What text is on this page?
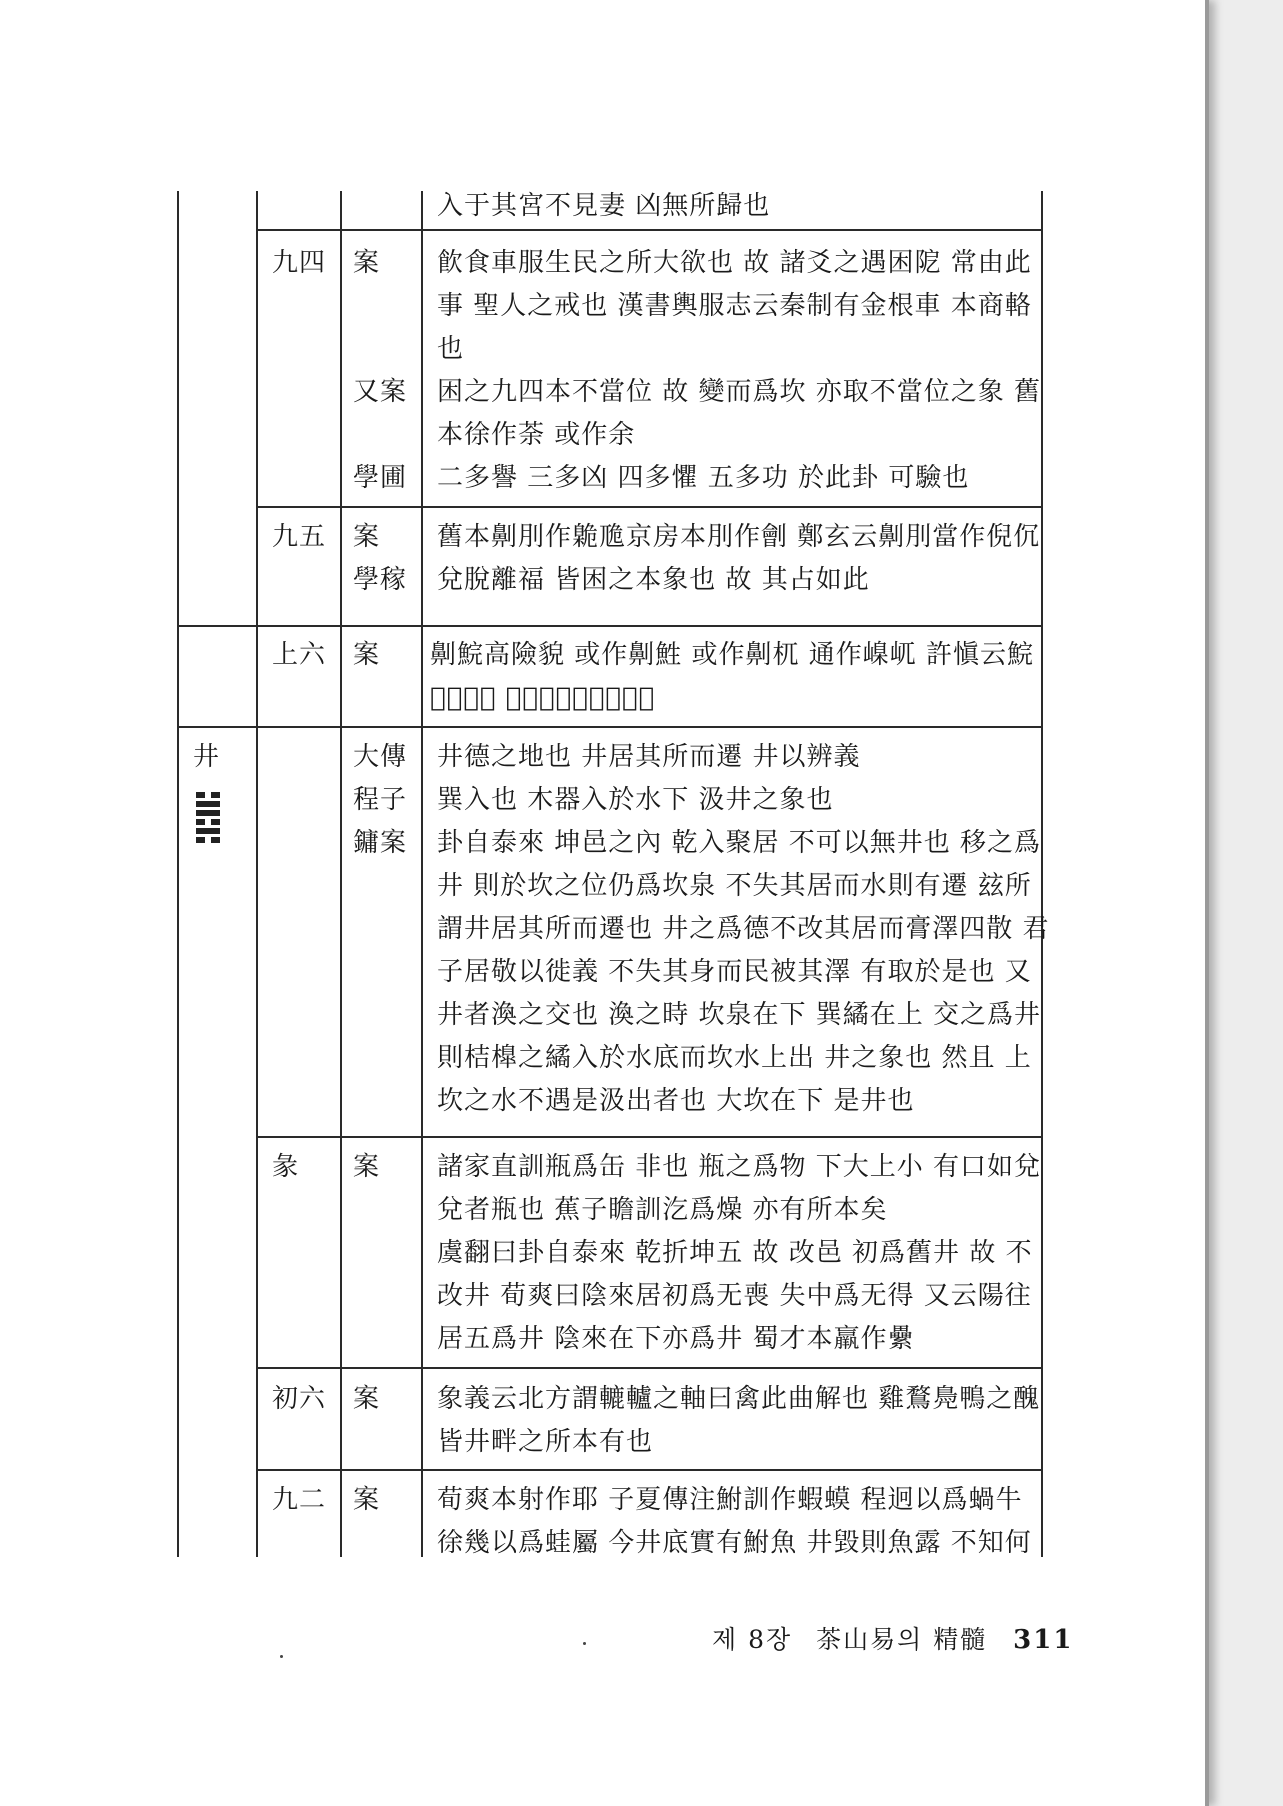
入于其宮不見妻 凶無所歸也
九四 案

又案

學圃
飮食車服生民之所大欲也 故 諸爻之遇困阸 常由此
事 聖人之戒也 漢書輿服志云秦制有金根車 本商輅
也
困之九四本不當位 故 變而爲坎 亦取不當位之象 舊
本徐作荼 或作余
二多譽 三多凶 四多懼 五多功 於此卦 可驗也
九五 案
學稼
舊本劓刖作臲卼京房本刖作劊 鄭玄云劓刖當作倪伔
兌脫離福 皆困之本象也 故 其占如此
上六 案 劓鯇高險貌 或作劓鮏 或作劓杌 通作嵲屼 許愼云鯇
𡾎不安也 總之爲艮山嵑屼之象
井	大傳
程子
鏞案
井德之地也 井居其所而遷 井以辨義
巽入也 木器入於水下 汲井之象也
卦自泰來 坤邑之內 乾入聚居 不可以無井也 移之爲
井 則於坎之位仍爲坎泉 不失其居而水則有遷 玆所
謂井居其所而遷也 井之爲德不改其居而膏澤四散 君
子居敬以徙義 不失其身而民被其澤 有取於是也 又
井者渙之交也 渙之時 坎泉在下 巽繘在上 交之爲井
則桔橰之繘入於水底而坎水上出 井之象也 然且 上
坎之水不遇是汲出者也 大坎在下 是井也
彖 案 諸家直訓瓶爲缶 非也 瓶之爲物 下大上小 有口如兌
兌者瓶也 蕉子瞻訓汔爲燥 亦有所本矣
虞翻曰卦自泰來 乾折坤五 故 改邑 初爲舊井 故 不
改井 荀爽曰陰來居初爲无喪 失中爲无得 又云陽往
居五爲井 陰來在下亦爲井 蜀才本羸作纍
初六 案 象義云北方謂轆轤之軸曰禽此曲解也 雞鶩鳧鴨之醜
皆井畔之所本有也
九二 案 荀爽本射作耶 子夏傳注鮒訓作蝦蟆 程迥以爲蝸牛
徐幾以爲蛙屬 今井底實有鮒魚 井毀則魚露 不知何
제 8장 茶山易의 精髓 311
